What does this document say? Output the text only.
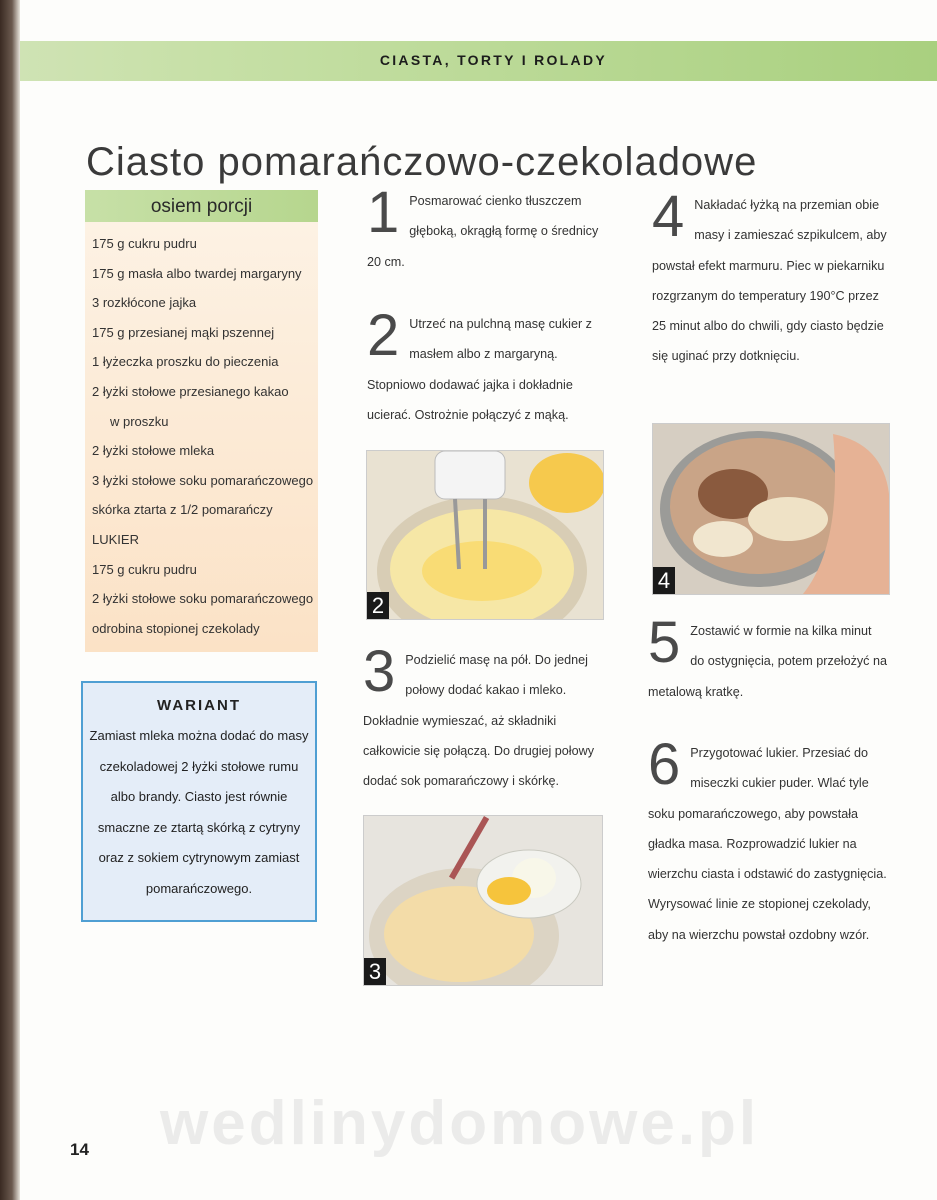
CIASTA, TORTY I ROLADY
Ciasto pomarańczowo-czekoladowe
osiem porcji
175 g cukru pudru
175 g masła albo twardej margaryny
3 rozkłócone jajka
175 g przesianej mąki pszennej
1 łyżeczka proszku do pieczenia
2 łyżki stołowe przesianego kakao
w proszku
2 łyżki stołowe mleka
3 łyżki stołowe soku pomarańczowego
skórka ztarta z 1/2 pomarańczy
LUKIER
175 g cukru pudru
2 łyżki stołowe soku pomarańczowego
odrobina stopionej czekolady
WARIANT
Zamiast mleka można dodać do masy czekoladowej 2 łyżki stołowe rumu albo brandy. Ciasto jest równie smaczne ze ztartą skórką z cytryny oraz z sokiem cytrynowym zamiast pomarańczowego.
1 Posmarować cienko tłuszczem głęboką, okrągłą formę o średnicy 20 cm.
2 Utrzeć na pulchną masę cukier z masłem albo z margaryną. Stopniowo dodawać jajka i dokładnie ucierać. Ostrożnie połączyć z mąką.
2
3 Podzielić masę na pół. Do jednej połowy dodać kakao i mleko. Dokładnie wymieszać, aż składniki całkowicie się połączą. Do drugiej połowy dodać sok pomarańczowy i skórkę.
3
4 Nakładać łyżką na przemian obie masy i zamieszać szpikulcem, aby powstał efekt marmuru. Piec w piekarniku rozgrzanym do temperatury 190°C przez 25 minut albo do chwili, gdy ciasto będzie się uginać przy dotknięciu.
4
5 Zostawić w formie na kilka minut do ostygnięcia, potem przełożyć na metalową kratkę.
6 Przygotować lukier. Przesiać do miseczki cukier puder. Wlać tyle soku pomarańczowego, aby powstała gładka masa. Rozprowadzić lukier na wierzchu ciasta i odstawić do zastygnięcia. Wyrysować linie ze stopionej czekolady, aby na wierzchu powstał ozdobny wzór.
wedlinydomowe.pl
14
